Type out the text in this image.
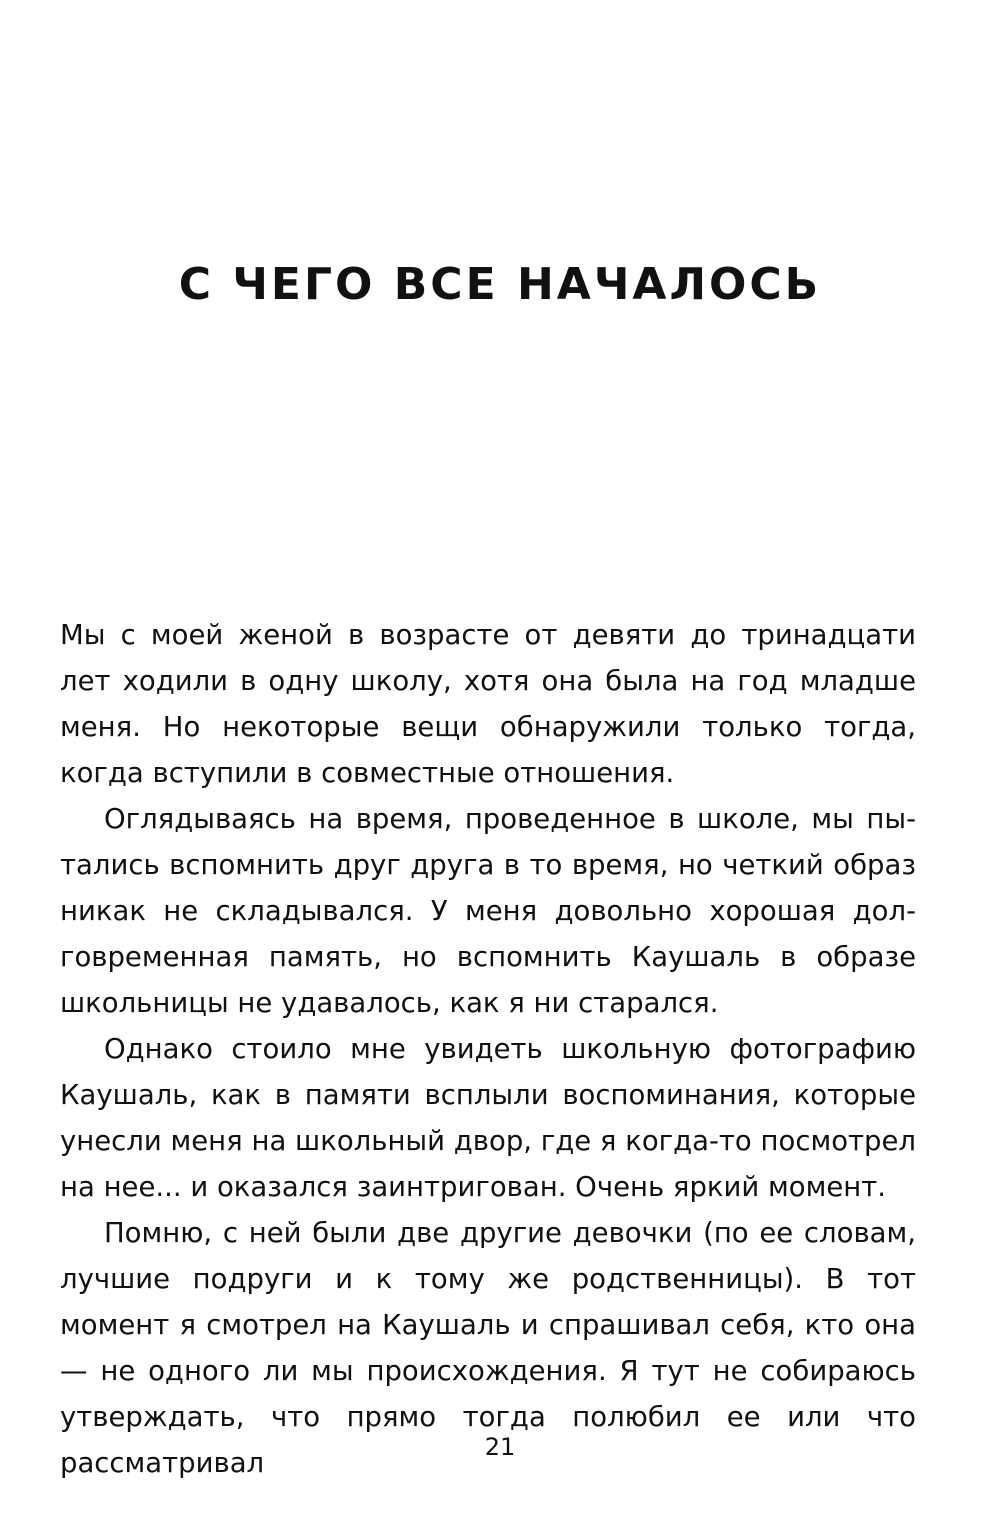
С ЧЕГО ВСЕ НАЧАЛОСЬ

Мы с моей женой в возрасте от девяти до тринадцати лет ходили в одну школу, хотя она была на год младше меня. Но некоторые вещи обнаружили только тогда, когда вступили в совместные отношения.

Оглядываясь на время, проведенное в школе, мы пытались вспомнить друг друга в то время, но четкий образ никак не складывался. У меня довольно хорошая долговременная память, но вспомнить Каушаль в образе школьницы не удавалось, как я ни старался.

Однако стоило мне увидеть школьную фотографию Каушаль, как в памяти всплыли воспоминания, которые унесли меня на школьный двор, где я когда-то посмотрел на нее... и оказался заинтригован. Очень яркий момент.

Помню, с ней были две другие девочки (по ее словам, лучшие подруги и к тому же родственницы). В тот момент я смотрел на Каушаль и спрашивал себя, кто она — не одного ли мы происхождения. Я тут не собираюсь утверждать, что прямо тогда полюбил ее или что рассматривал	21
